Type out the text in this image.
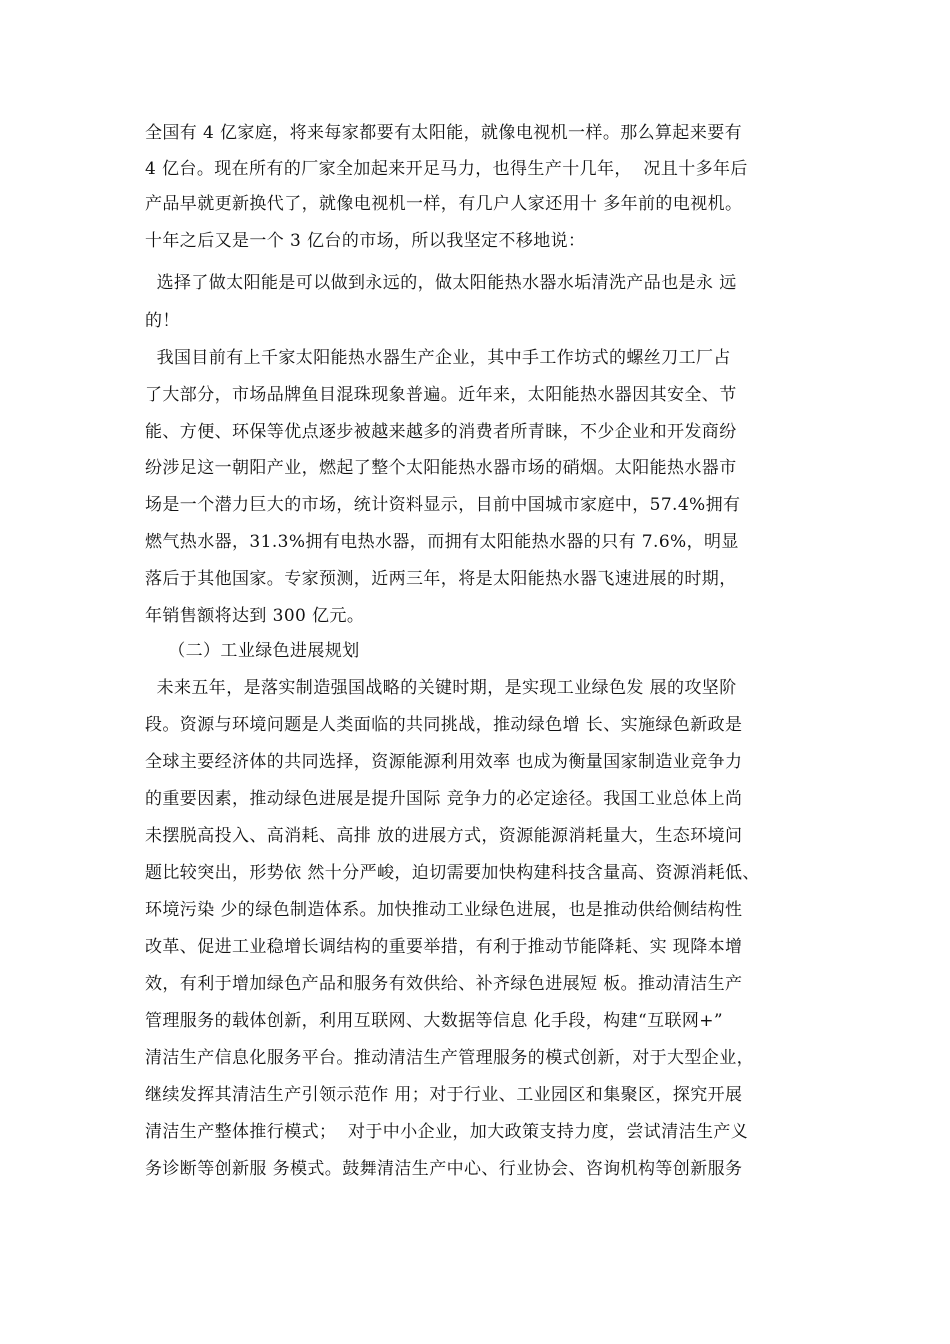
全国有 4 亿家庭，将来每家都要有太阳能，就像电视机一样。那么算起来要有

4 亿台。现在所有的厂家全加起来开足马力，也得生产十几年，  况且十多年后

产品早就更新换代了，就像电视机一样，有几户人家还用十 多年前的电视机。

十年之后又是一个 3 亿台的市场，所以我坚定不移地说：

选择了做太阳能是可以做到永远的，做太阳能热水器水垢清洗产品也是永 远

的！

我国目前有上千家太阳能热水器生产企业，其中手工作坊式的螺丝刀工厂占

了大部分，市场品牌鱼目混珠现象普遍。近年来，太阳能热水器因其安全、节

能、方便、环保等优点逐步被越来越多的消费者所青睐，不少企业和开发商纷

纷涉足这一朝阳产业，燃起了整个太阳能热水器市场的硝烟。太阳能热水器市

场是一个潜力巨大的市场，统计资料显示，目前中国城市家庭中，57.4%拥有

燃气热水器，31.3%拥有电热水器，而拥有太阳能热水器的只有 7.6%，明显

落后于其他国家。专家预测，近两三年，将是太阳能热水器飞速进展的时期，

年销售额将达到 300 亿元。

（二）工业绿色进展规划

未来五年，是落实制造强国战略的关键时期，是实现工业绿色发 展的攻坚阶

段。资源与环境问题是人类面临的共同挑战，推动绿色增 长、实施绿色新政是

全球主要经济体的共同选择，资源能源利用效率 也成为衡量国家制造业竞争力

的重要因素，推动绿色进展是提升国际 竞争力的必定途径。我国工业总体上尚

未摆脱高投入、高消耗、高排 放的进展方式，资源能源消耗量大，生态环境问

题比较突出，形势依 然十分严峻，迫切需要加快构建科技含量高、资源消耗低、

环境污染 少的绿色制造体系。加快推动工业绿色进展，也是推动供给侧结构性

改革、促进工业稳增长调结构的重要举措，有利于推动节能降耗、实 现降本增

效，有利于增加绿色产品和服务有效供给、补齐绿色进展短 板。推动清洁生产

管理服务的载体创新，利用互联网、大数据等信息 化手段，构建“互联网+”

清洁生产信息化服务平台。推动清洁生产管理服务的模式创新，对于大型企业，

继续发挥其清洁生产引领示范作 用；对于行业、工业园区和集聚区，探究开展

清洁生产整体推行模式；  对于中小企业，加大政策支持力度，尝试清洁生产义

务诊断等创新服 务模式。鼓舞清洁生产中心、行业协会、咨询机构等创新服务
